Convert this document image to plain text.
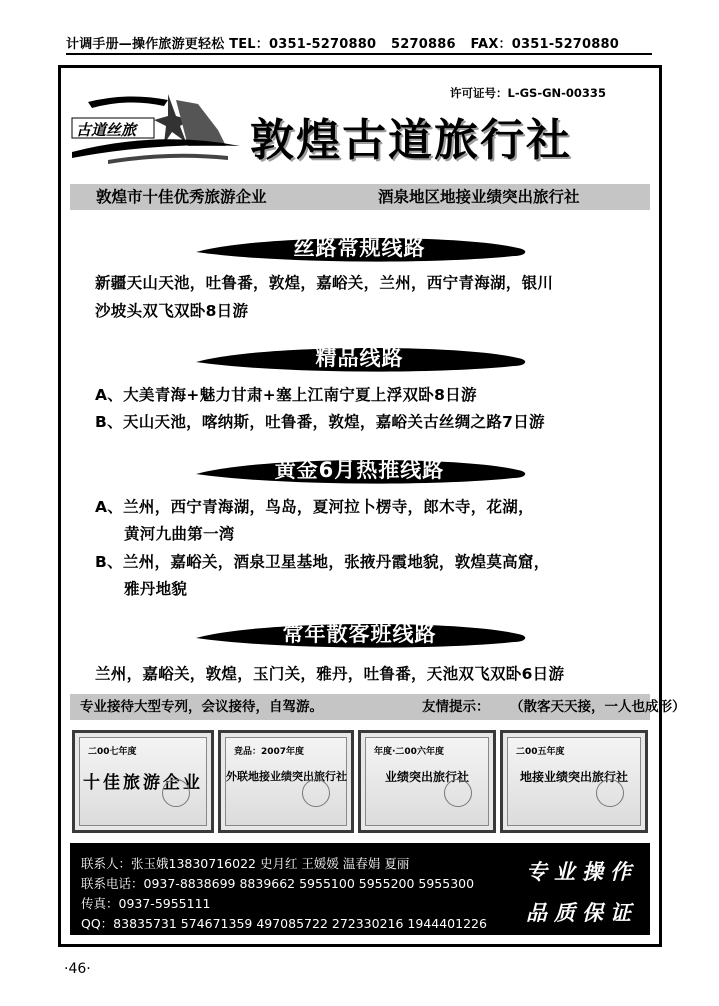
计调手册—操作旅游更轻松 TEL：0351-5270880 5270886 FAX：0351-5270880
许可证号：L-GS-GN-00335
古道丝旅	敦煌古道旅行社
敦煌市十佳优秀旅游企业	酒泉地区地接业绩突出旅行社
丝路常规线路
新疆天山天池，吐鲁番，敦煌，嘉峪关，兰州，西宁青海湖，银川
沙坡头双飞双卧8日游
精品线路
A、大美青海+魅力甘肃+塞上江南宁夏上浮双卧8日游
B、天山天池，喀纳斯，吐鲁番，敦煌，嘉峪关古丝绸之路7日游
黄金6月热推线路
A、兰州，西宁青海湖，鸟岛，夏河拉卜楞寺，郎木寺，花湖，
黄河九曲第一湾
B、兰州，嘉峪关，酒泉卫星基地，张掖丹霞地貌，敦煌莫高窟，
雅丹地貌
常年散客班线路
兰州，嘉峪关，敦煌，玉门关，雅丹，吐鲁番，天池双飞双卧6日游
专业接待大型专列，会议接待，自驾游。	友情提示： （散客天天接，一人也成形）
二00七年度
十佳旅游企业
竞品：2007年度
外联地接业绩突出旅行社
年度·二00六年度
业绩突出旅行社
二00五年度
地接业绩突出旅行社
联系人：张玉娥13830716022 史月红 王媛媛 温春娟 夏丽
联系电话：0937-8838699 8839662 5955100 5955200 5955300
传真：0937-5955111
QQ：83835731 574671359 497085722 272330216 1944401226
专业操作
品质保证
·46·
